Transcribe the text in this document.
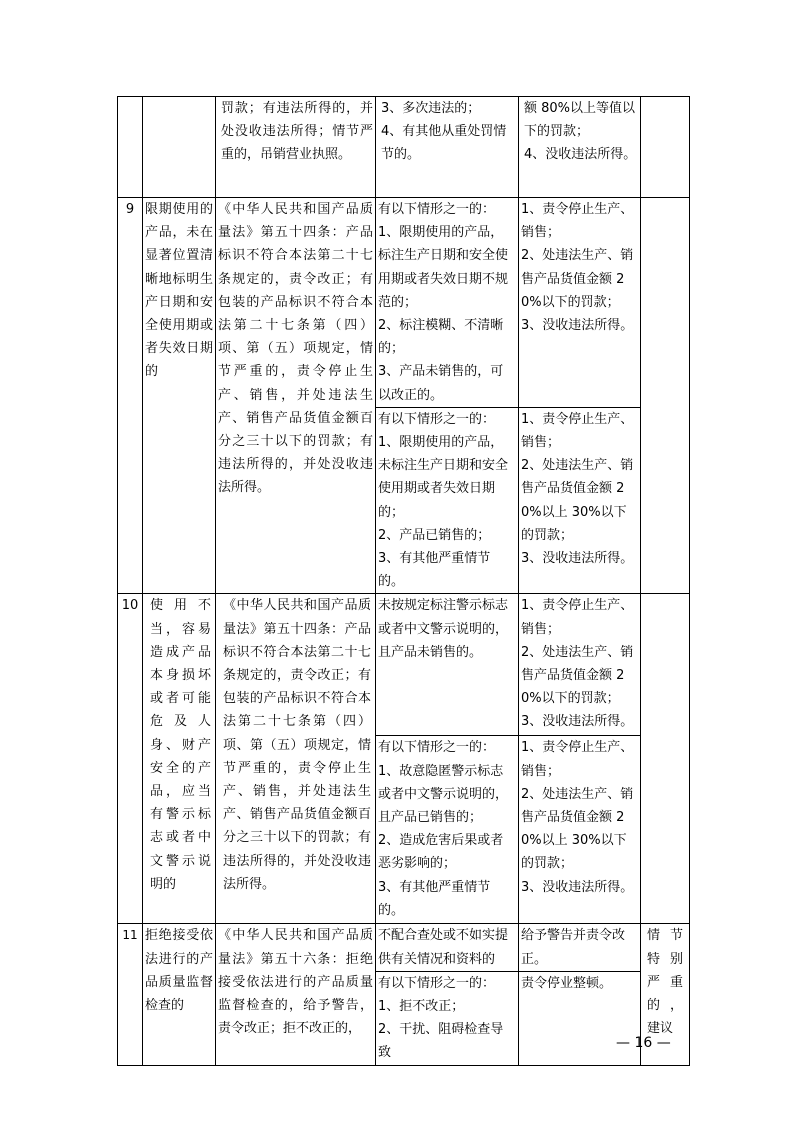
		罚款；有违法所得的，并处没收违法所得；情节严重的，吊销营业执照。	3、多次违法的；
4、有其他从重处罚情节的。	额 80%以上等值以下的罚款；
4、没收违法所得。	

9	限期使用的产品，未在显著位置清晰地标明生产日期和安全使用期或者失效日期的	《中华人民共和国产品质量法》第五十四条：产品标识不符合本法第二十七条规定的，责令改正；有包装的产品标识不符合本法第二十七条第（四）项、第（五）项规定，情节严重的，责令停止生产、销售，并处违法生产、销售产品货值金额百分之三十以下的罚款；有违法所得的，并处没收违法所得。	有以下情形之一的：
1、限期使用的产品，标注生产日期和安全使用期或者失效日期不规范的；
2、标注模糊、不清晰的；
3、产品未销售的，可以改正的。	1、责令停止生产、销售；
2、处违法生产、销售产品货值金额 20%以下的罚款；
3、没收违法所得。	

			有以下情形之一的：
1、限期使用的产品，未标注生产日期和安全使用期或者失效日期的；
2、产品已销售的；
3、有其他严重情节的。	1、责令停止生产、销售；
2、处违法生产、销售产品货值金额 20%以上 30%以下的罚款；
3、没收违法所得。	

10	使用不当，容易造成产品本身损坏或者可能危及人身、财产安全的产品，应当有警示标志或者中文警示说明的	《中华人民共和国产品质量法》第五十四条：产品标识不符合本法第二十七条规定的，责令改正；有包装的产品标识不符合本法第二十七条第（四）项、第（五）项规定，情节严重的，责令停止生产、销售，并处违法生产、销售产品货值金额百分之三十以下的罚款；有违法所得的，并处没收违法所得。	未按规定标注警示标志或者中文警示说明的，且产品未销售的。	1、责令停止生产、销售；
2、处违法生产、销售产品货值金额 20%以下的罚款；
3、没收违法所得。	

			有以下情形之一的：
1、故意隐匿警示标志或者中文警示说明的，且产品已销售的；
2、造成危害后果或者恶劣影响的；
3、有其他严重情节的。	1、责令停止生产、销售；
2、处违法生产、销售产品货值金额 20%以上 30%以下的罚款；
3、没收违法所得。	

11	拒绝接受依法进行的产品质量监督检查的	《中华人民共和国产品质量法》第五十六条：拒绝接受依法进行的产品质量监督检查的，给予警告，责令改正；拒不改正的，	不配合查处或不如实提供有关情况和资料的	给予警告并责令改正。	情节特别严重的，建议

			有以下情形之一的：
1、拒不改正；
2、干扰、阻碍检查导致	责令停业整顿。	
— 16 —
